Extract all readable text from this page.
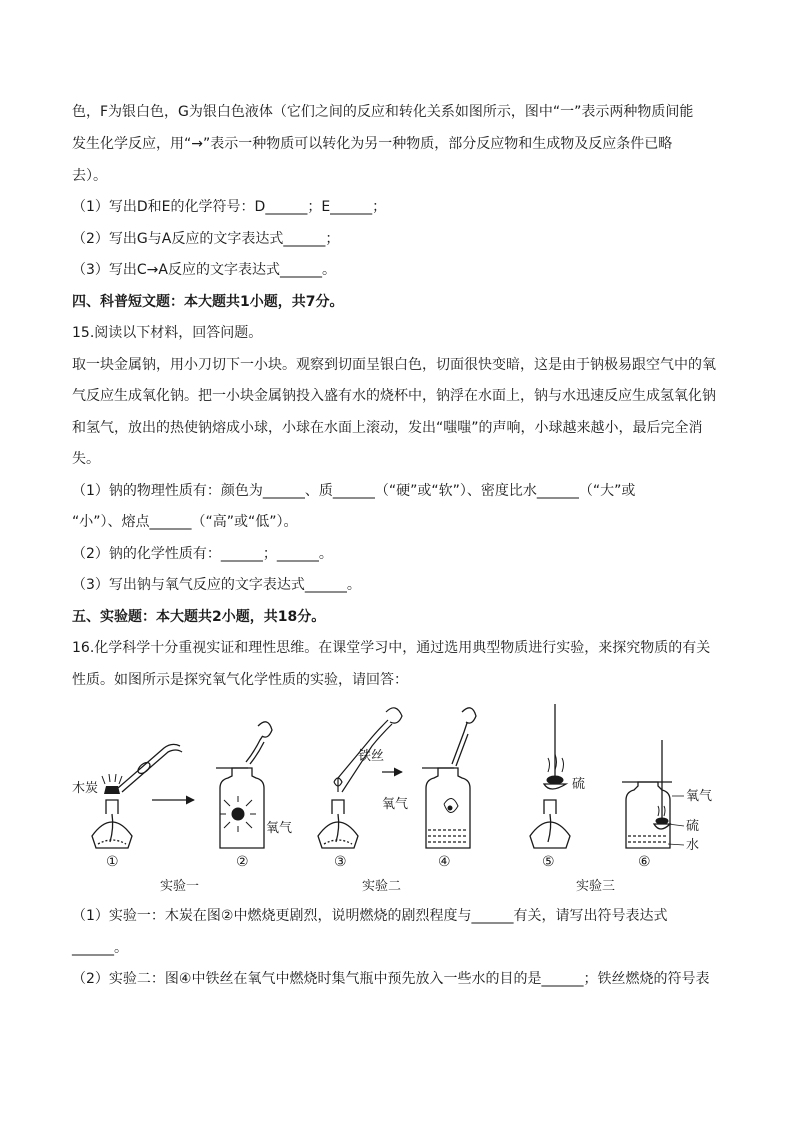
色，F为银白色，G为银白色液体（它们之间的反应和转化关系如图所示，图中“一”表示两种物质间能
发生化学反应，用“→”表示一种物质可以转化为另一种物质，部分反应物和生成物及反应条件已略
去）。
（1）写出D和E的化学符号：D______；E______；
（2）写出G与A反应的文字表达式______；
（3）写出C→A反应的文字表达式______。
四、科普短文题：本大题共1小题，共7分。
15.阅读以下材料，回答问题。
取一块金属钠，用小刀切下一小块。观察到切面呈银白色，切面很快变暗，这是由于钠极易跟空气中的氧
气反应生成氧化钠。把一小块金属钠投入盛有水的烧杯中，钠浮在水面上，钠与水迅速反应生成氢氧化钠
和氢气，放出的热使钠熔成小球，小球在水面上滚动，发出“嗤嗤”的声响，小球越来越小，最后完全消
失。
（1）钠的物理性质有：颜色为______、质______（“硬”或“软”）、密度比水______（“大”或
“小”）、熔点______（“高”或“低”）。
（2）钠的化学性质有：______；______。
（3）写出钠与氧气反应的文字表达式______。
五、实验题：本大题共2小题，共18分。
16.化学科学十分重视实证和理性思维。在课堂学习中，通过选用典型物质进行实验，来探究物质的有关
性质。如图所示是探究氧气化学性质的实验，请回答：
（1）实验一：木炭在图②中燃烧更剧烈，说明燃烧的剧烈程度与______有关，请写出符号表达式
______。
（2）实验二：图④中铁丝在氧气中燃烧时集气瓶中预先放入一些水的目的是______；铁丝燃烧的符号表
木炭
①
氧气
②
铁丝
③
氧气
④
硫
⑤
氧气
硫
水
⑥
实验一	实验二	实验三
